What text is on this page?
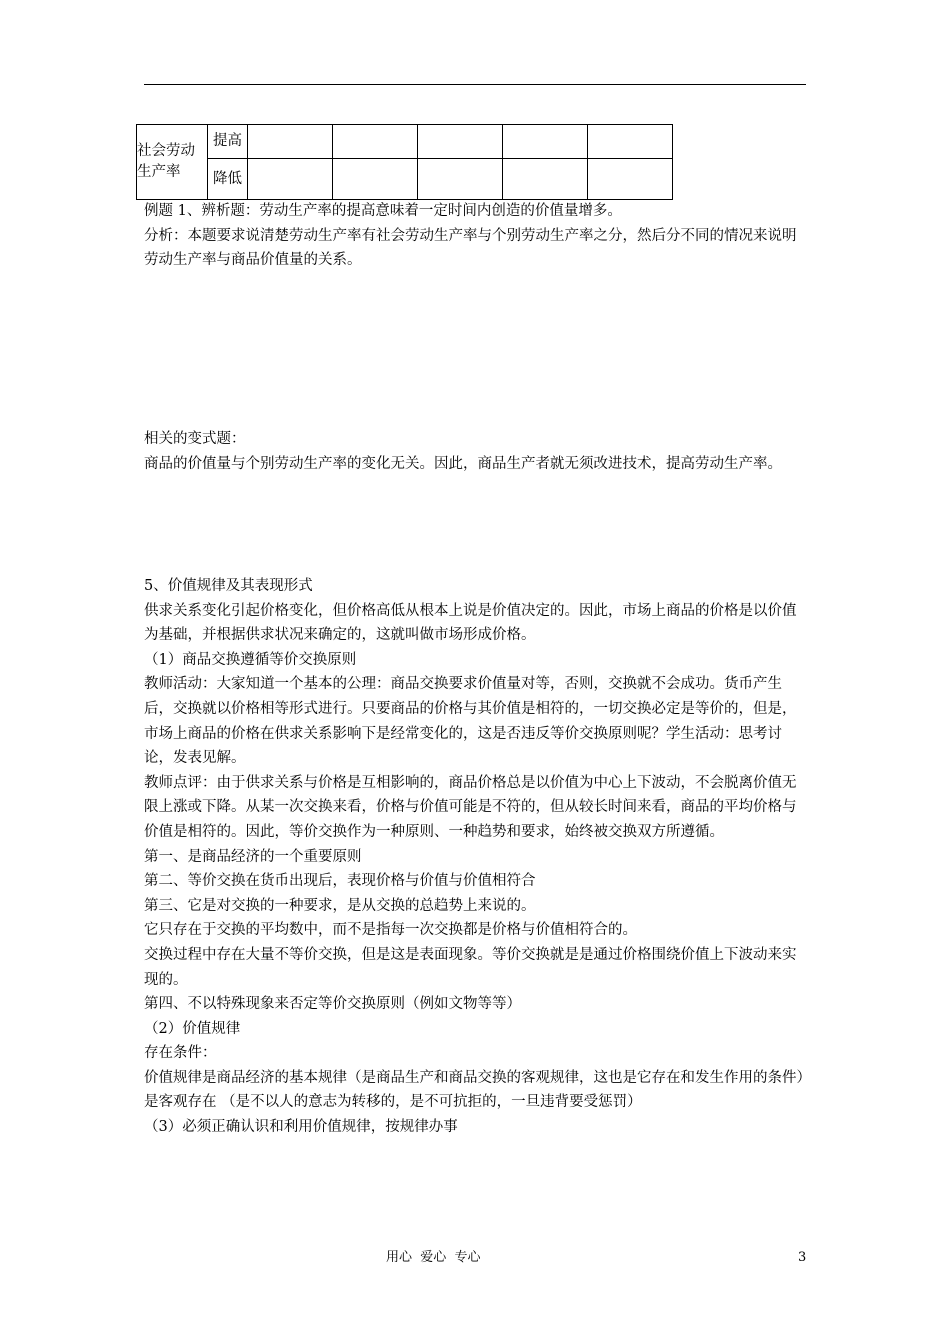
社会劳动生产率	提高					
	降低					

例题 1、辨析题：劳动生产率的提高意味着一定时间内创造的价值量增多。

分析：本题要求说清楚劳动生产率有社会劳动生产率与个别劳动生产率之分，然后分不同的情况来说明劳动生产率与商品价值量的关系。

相关的变式题：

商品的价值量与个别劳动生产率的变化无关。因此，商品生产者就无须改进技术，提高劳动生产率。

5、价值规律及其表现形式

供求关系变化引起价格变化，但价格高低从根本上说是价值决定的。因此，市场上商品的价格是以价值为基础，并根据供求状况来确定的，这就叫做市场形成价格。

（1）商品交换遵循等价交换原则

教师活动：大家知道一个基本的公理：商品交换要求价值量对等，否则，交换就不会成功。货币产生后，交换就以价格相等形式进行。只要商品的价格与其价值是相符的，一切交换必定是等价的，但是，市场上商品的价格在供求关系影响下是经常变化的，这是否违反等价交换原则呢？学生活动：思考讨论，发表见解。

教师点评：由于供求关系与价格是互相影响的，商品价格总是以价值为中心上下波动，不会脱离价值无限上涨或下降。从某一次交换来看，价格与价值可能是不符的，但从较长时间来看，商品的平均价格与价值是相符的。因此，等价交换作为一种原则、一种趋势和要求，始终被交换双方所遵循。

第一、是商品经济的一个重要原则

第二、等价交换在货币出现后，表现价格与价值与价值相符合

第三、它是对交换的一种要求，是从交换的总趋势上来说的。

它只存在于交换的平均数中，而不是指每一次交换都是价格与价值相符合的。

交换过程中存在大量不等价交换，但是这是表面现象。等价交换就是是通过价格围绕价值上下波动来实现的。

第四、不以特殊现象来否定等价交换原则（例如文物等等）

（2）价值规律

存在条件：

价值规律是商品经济的基本规律（是商品生产和商品交换的客观规律，这也是它存在和发生作用的条件）

是客观存在 （是不以人的意志为转移的，是不可抗拒的，一旦违背要受惩罚）

（3）必须正确认识和利用价值规律，按规律办事

用心  爱心  专心	3
